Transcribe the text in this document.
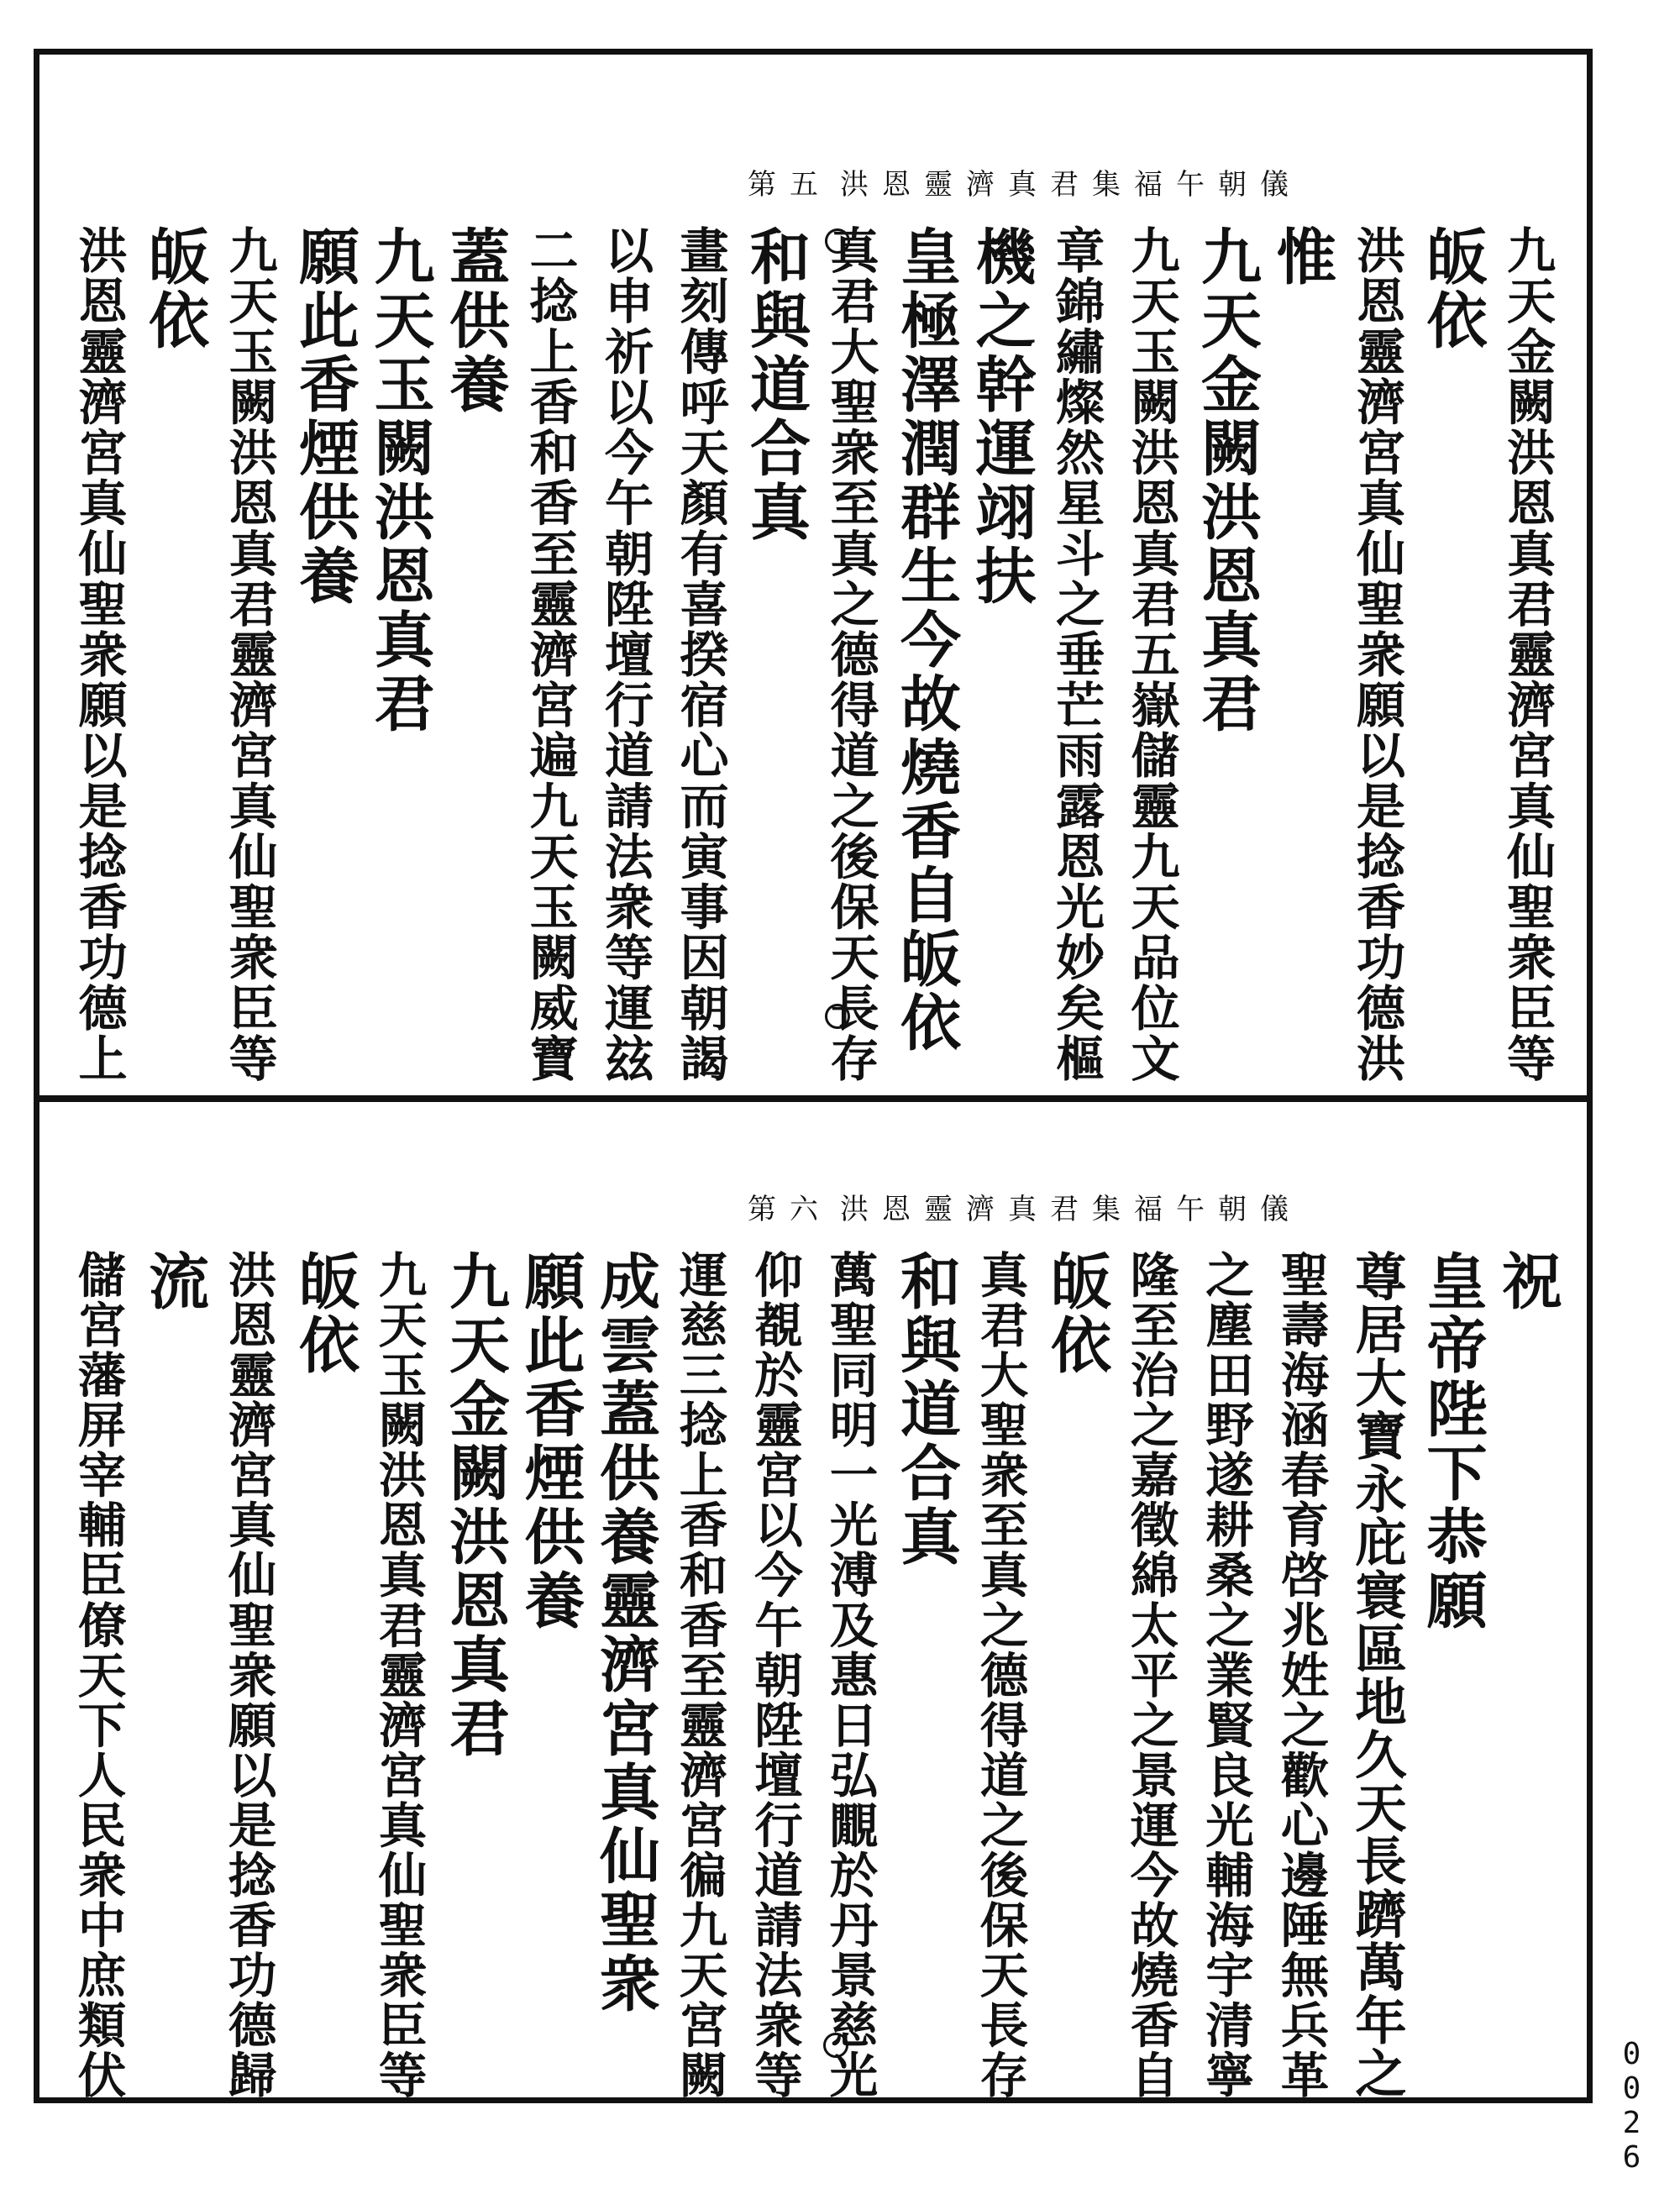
洪恩靈濟真君集福午朝儀
第五
九天金闕洪恩真君靈濟宮真仙聖衆臣等
皈依
洪恩靈濟宮真仙聖衆願以是捻香功德洪
惟
九天金闕洪恩真君
九天玉闕洪恩真君五嶽儲靈九天品位文
章錦繡燦然星斗之垂芒雨露恩光妙矣樞
機之幹運翊扶
皇極澤潤群生今故燒香自皈依
真君大聖衆至真之德得道之後保天長存
和與道合真
畫刻傳呼天顏有喜揆宿心而寅事因朝謁
以申祈以今午朝陞壇行道請法衆等運玆
二捻上香和香至靈濟宮遍九天玉闕威寶
蓋供養
九天玉闕洪恩真君
願此香煙供養
九天玉闕洪恩真君靈濟宮真仙聖衆臣等
皈依
洪恩靈濟宮真仙聖衆願以是捻香功德上
洪恩靈濟真君集福午朝儀
第六
祝
皇帝陛下恭願
尊居大寶永庇寰區地久天長躋萬年之
聖壽海涵春育啓兆姓之歡心邊陲無兵革
之塵田野遂耕桑之業賢良光輔海宇清寧
隆至治之嘉徵綿太平之景運今故燒香自
皈依
真君大聖衆至真之德得道之後保天長存
和與道合真
萬聖同明一光溥及惠日弘覵於丹景慈光
仰覩於靈宮以今午朝陞壇行道請法衆等
運慈三捻上香和香至靈濟宮徧九天宮闕
成雲蓋供養靈濟宮真仙聖衆
願此香煙供養
九天金闕洪恩真君
九天玉闕洪恩真君靈濟宮真仙聖衆臣等
皈依
洪恩靈濟宮真仙聖衆願以是捻香功德歸
流
儲宮藩屏宰輔臣僚天下人民衆中庶類伏
0026
